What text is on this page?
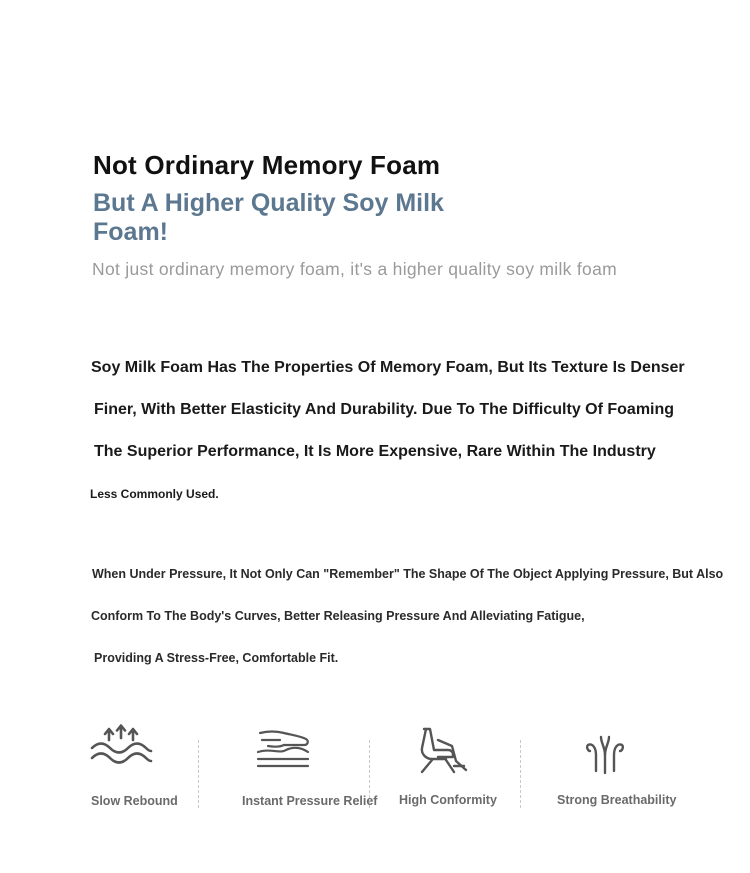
Not Ordinary Memory Foam
But A Higher Quality Soy Milk Foam!

Not just ordinary memory foam, it's a higher quality soy milk foam

Soy Milk Foam Has The Properties Of Memory Foam, But Its Texture Is Denser

Finer, With Better Elasticity And Durability. Due To The Difficulty Of Foaming

The Superior Performance, It Is More Expensive, Rare Within The Industry

Less Commonly Used.

When Under Pressure, It Not Only Can "Remember" The Shape Of The Object Applying Pressure, But Also

Conform To The Body's Curves, Better Releasing Pressure And Alleviating Fatigue,

Providing A Stress-Free, Comfortable Fit.

Slow Rebound	Instant Pressure Relief High Conformity	Strong Breathability
